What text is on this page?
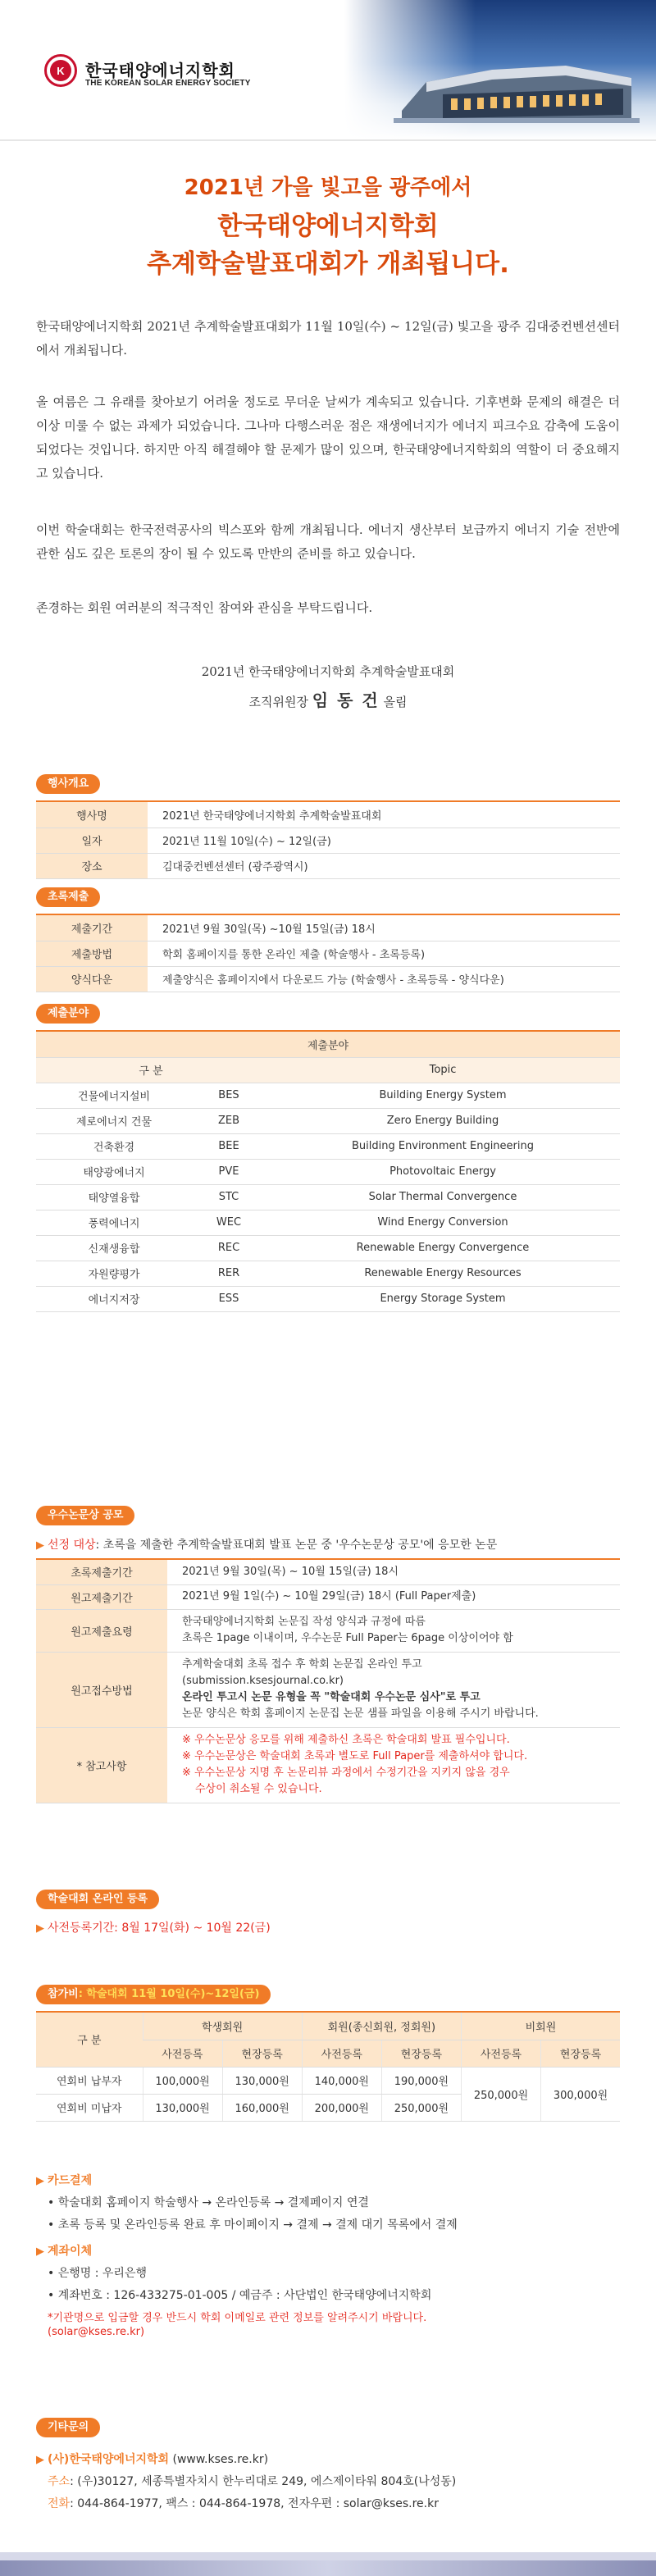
K	한국태양에너지학회
THE KOREAN SOLAR ENERGY SOCIETY
2021년 가을 빛고을 광주에서
한국태양에너지학회
추계학술발표대회가 개최됩니다.
한국태양에너지학회 2021년 추계학술발표대회가 11월 10일(수) ~ 12일(금) 빛고을 광주 김대중컨벤션센터에서 개최됩니다.
올 여름은 그 유래를 찾아보기 어려울 정도로 무더운 날씨가 계속되고 있습니다. 기후변화 문제의 해결은 더 이상 미룰 수 없는 과제가 되었습니다. 그나마 다행스러운 점은 재생에너지가 에너지 피크수요 감축에 도움이 되었다는 것입니다. 하지만 아직 해결해야 할 문제가 많이 있으며, 한국태양에너지학회의 역할이 더 중요해지고 있습니다.
이번 학술대회는 한국전력공사의 빅스포와 함께 개최됩니다. 에너지 생산부터 보급까지 에너지 기술 전반에 관한 심도 깊은 토론의 장이 될 수 있도록 만반의 준비를 하고 있습니다.
존경하는 회원 여러분의 적극적인 참여와 관심을 부탁드립니다.
2021년 한국태양에너지학회 추계학술발표대회
조직위원장 임 동 건 올림
행사개요
행사명	2021년 한국태양에너지학회 추계학술발표대회
일자	2021년 11월 10일(수) ~ 12일(금)
장소	김대중컨벤션센터 (광주광역시)
초록제출
제출기간	2021년 9월 30일(목) ~10월 15일(금) 18시
제출방법	학회 홈페이지를 통한 온라인 제출 (학술행사 - 초록등록)
양식다운	제출양식은 홈페이지에서 다운로드 가능 (학술행사 - 초록등록 - 양식다운)
제출분야
제출분야		
구 분		Topic
건물에너지설비	BES	Building Energy System
제로에너지 건물	ZEB	Zero Energy Building
건축환경	BEE	Building Environment Engineering
태양광에너지	PVE	Photovoltaic Energy
태양열융합	STC	Solar Thermal Convergence
풍력에너지	WEC	Wind Energy Conversion
신재생융합	REC	Renewable Energy Convergence
자원량평가	RER	Renewable Energy Resources
에너지저장	ESS	Energy Storage System
우수논문상 공모
▶ 선정 대상: 초록을 제출한 추계학술발표대회 발표 논문 중 '우수논문상 공모'에 응모한 논문
초록제출기간	2021년 9월 30일(목) ~ 10월 15일(금) 18시
원고제출기간	2021년 9월 1일(수) ~ 10월 29일(금) 18시 (Full Paper제출)
원고제출요령	한국태양에너지학회 논문집 작성 양식과 규정에 따름
초록은 1page 이내이며, 우수논문 Full Paper는 6page 이상이어야 함

원고접수방법	추계학술대회 초록 접수 후 학회 논문집 온라인 투고
(submission.ksesjournal.co.kr)
온라인 투고시 논문 유형을 꼭 "학술대회 우수논문 심사"로 투고
논문 양식은 학회 홈페이지 논문집 논문 샘플 파일을 이용해 주시기 바랍니다.

* 참고사항	※ 우수논문상 응모를 위해 제출하신 초록은 학술대회 발표 필수입니다.
※ 우수논문상은 학술대회 초록과 별도로 Full Paper를 제출하셔야 합니다.
※ 우수논문상 지명 후 논문리뷰 과정에서 수정기간을 지키지 않을 경우
수상이 취소될 수 있습니다.
학술대회 온라인 등록
▶ 사전등록기간: 8월 17일(화) ~ 10월 22(금)
참가비: 학술대회 11월 10일(수)~12일(금)
구 분	학생회원		회원(종신회원, 정회원)		비회원	
	사전등록	현장등록	사전등록	현장등록	사전등록	현장등록
연회비 납부자	100,000원	130,000원	140,000원	190,000원	250,000원	300,000원
연회비 미납자	130,000원	160,000원	200,000원	250,000원		
▶ 카드결제
• 학술대회 홈페이지 학술행사 → 온라인등록 → 결제페이지 연결
• 초록 등록 및 온라인등록 완료 후 마이페이지 → 결제 → 결제 대기 목록에서 결제
▶ 계좌이체
• 은행명 : 우리은행
• 계좌번호 : 126-433275-01-005 / 예금주 : 사단법인 한국태양에너지학회
*기관명으로 입금할 경우 반드시 학회 이메일로 관련 정보를 알려주시기 바랍니다.
(solar@kses.re.kr)
기타문의
▶ (사)한국태양에너지학회 (www.kses.re.kr)
주소: (우)30127, 세종특별자치시 한누리대로 249, 에스제이타워 804호(나성동)
전화: 044-864-1977, 팩스 : 044-864-1978, 전자우편 : solar@kses.re.kr
